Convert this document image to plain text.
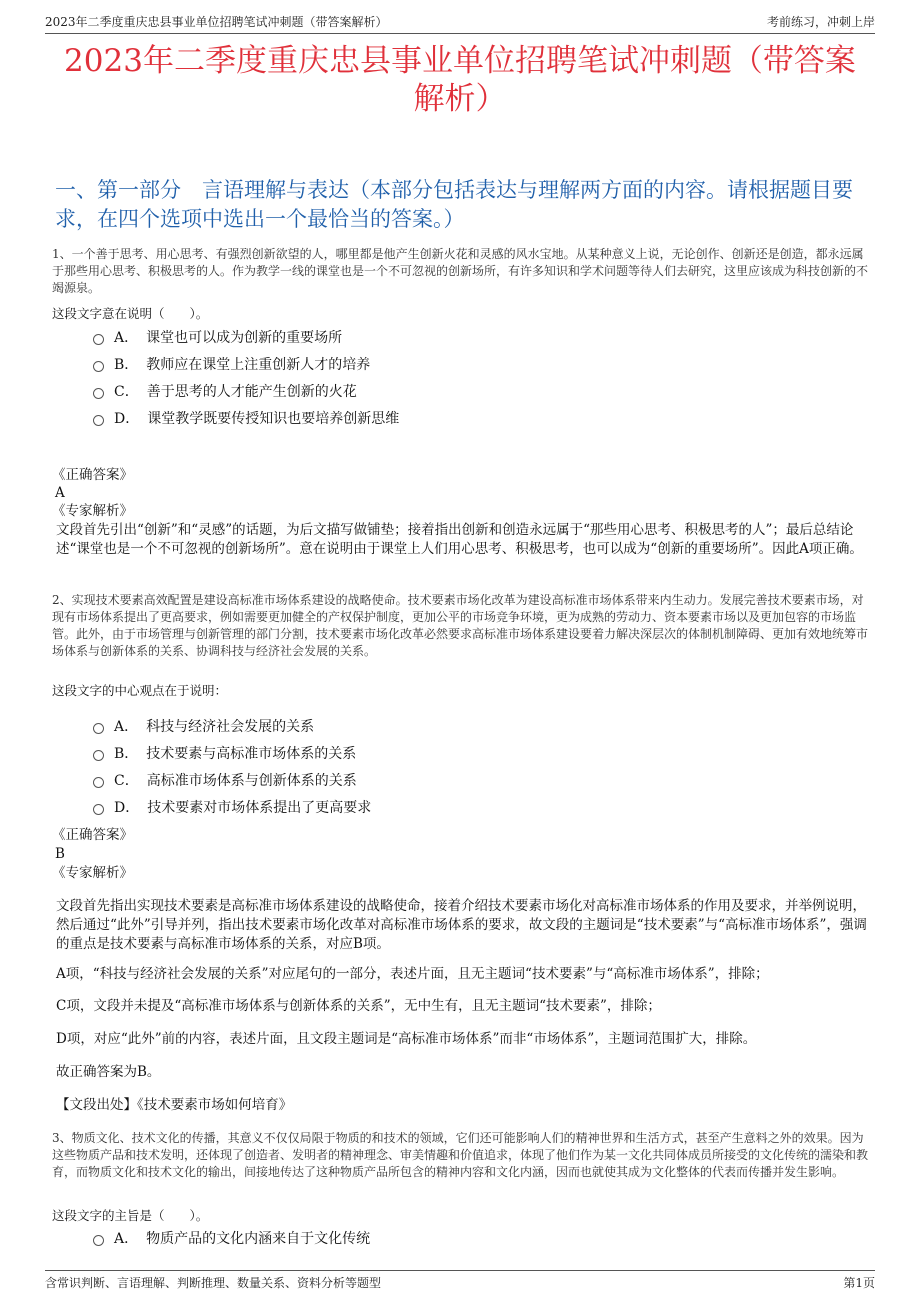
2023年二季度重庆忠县事业单位招聘笔试冲刺题（带答案解析）	考前练习，冲刺上岸
2023年二季度重庆忠县事业单位招聘笔试冲刺题（带答案解析）
一、第一部分　言语理解与表达（本部分包括表达与理解两方面的内容。请根据题目要求，在四个选项中选出一个最恰当的答案。）
1、一个善于思考、用心思考、有强烈创新欲望的人，哪里都是他产生创新火花和灵感的风水宝地。从某种意义上说，无论创作、创新还是创造，都永远属于那些用心思考、积极思考的人。作为教学一线的课堂也是一个不可忽视的创新场所，有许多知识和学术问题等待人们去研究，这里应该成为科技创新的不竭源泉。
这段文字意在说明（　　）。
A． 课堂也可以成为创新的重要场所
B． 教师应在课堂上注重创新人才的培养
C． 善于思考的人才能产生创新的火花
D． 课堂教学既要传授知识也要培养创新思维
《正确答案》
A
《专家解析》
文段首先引出“创新”和“灵感”的话题，为后文描写做铺垫；接着指出创新和创造永远属于“那些用心思考、积极思考的人”；最后总结论述“课堂也是一个不可忽视的创新场所”。意在说明由于课堂上人们用心思考、积极思考，也可以成为“创新的重要场所”。因此A项正确。
2、实现技术要素高效配置是建设高标准市场体系建设的战略使命。技术要素市场化改革为建设高标准市场体系带来内生动力。发展完善技术要素市场，对现有市场体系提出了更高要求，例如需要更加健全的产权保护制度，更加公平的市场竞争环境，更为成熟的劳动力、资本要素市场以及更加包容的市场监管。此外，由于市场管理与创新管理的部门分割，技术要素市场化改革必然要求高标准市场体系建设要着力解决深层次的体制机制障碍、更加有效地统筹市场体系与创新体系的关系、协调科技与经济社会发展的关系。
这段文字的中心观点在于说明：
A． 科技与经济社会发展的关系
B． 技术要素与高标准市场体系的关系
C． 高标准市场体系与创新体系的关系
D． 技术要素对市场体系提出了更高要求
《正确答案》
B
《专家解析》
文段首先指出实现技术要素是高标准市场体系建设的战略使命，接着介绍技术要素市场化对高标准市场体系的作用及要求，并举例说明，然后通过“此外”引导并列，指出技术要素市场化改革对高标准市场体系的要求，故文段的主题词是“技术要素”与“高标准市场体系”，强调的重点是技术要素与高标准市场体系的关系，对应B项。
A项，“科技与经济社会发展的关系”对应尾句的一部分，表述片面，且无主题词“技术要素”与“高标准市场体系”，排除；
C项，文段并未提及“高标准市场体系与创新体系的关系”，无中生有，且无主题词“技术要素”，排除；
D项，对应“此外”前的内容，表述片面，且文段主题词是“高标准市场体系”而非“市场体系”，主题词范围扩大，排除。
故正确答案为B。
【文段出处】《技术要素市场如何培育》
3、物质文化、技术文化的传播，其意义不仅仅局限于物质的和技术的领域，它们还可能影响人们的精神世界和生活方式，甚至产生意料之外的效果。因为这些物质产品和技术发明，还体现了创造者、发明者的精神理念、审美情趣和价值追求，体现了他们作为某一文化共同体成员所接受的文化传统的濡染和教育，而物质文化和技术文化的输出，间接地传达了这种物质产品所包含的精神内容和文化内涵，因而也就使其成为文化整体的代表而传播并发生影响。
这段文字的主旨是（　　）。
A． 物质产品的文化内涵来自于文化传统
含常识判断、言语理解、判断推理、数量关系、资料分析等题型	第1页
